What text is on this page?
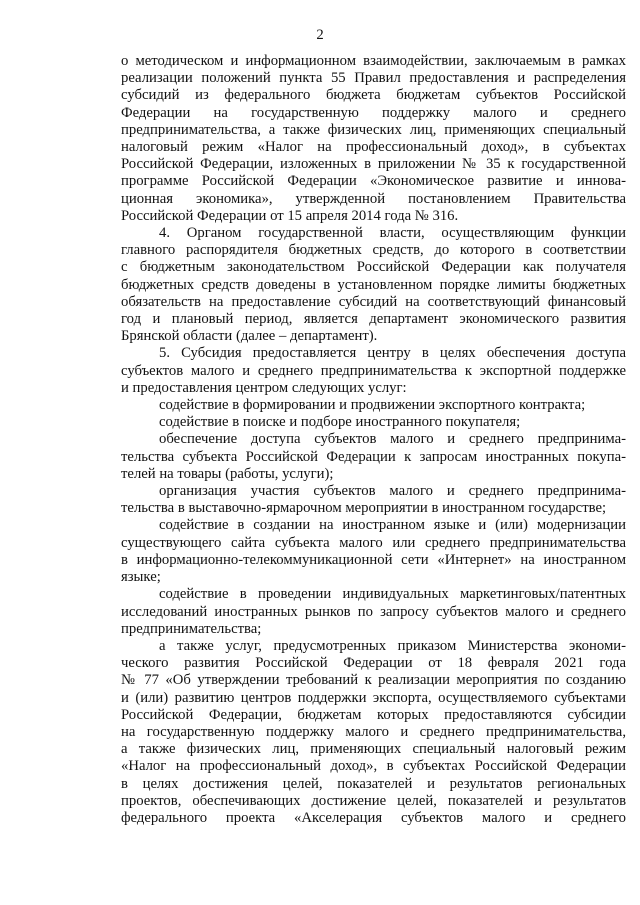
2

о методическом и информационном взаимодействии, заключаемым в рамках

реализации положений пункта 55 Правил предоставления и распределения

субсидий из федерального бюджета бюджетам субъектов Российской

Федерации на государственную поддержку малого и среднего

предпринимательства, а также физических лиц, применяющих специальный

налоговый режим «Налог на профессиональный доход», в субъектах

Российской Федерации, изложенных в приложении № 35 к государственной

программе Российской Федерации «Экономическое развитие и иннова-

ционная экономика», утвержденной постановлением Правительства

Российской Федерации от 15 апреля 2014 года № 316.

4. Органом государственной власти, осуществляющим функции

главного распорядителя бюджетных средств, до которого в соответствии

с бюджетным законодательством Российской Федерации как получателя

бюджетных средств доведены в установленном порядке лимиты бюджетных

обязательств на предоставление субсидий на соответствующий финансовый

год и плановый период, является департамент экономического развития

Брянской области (далее – департамент).

5. Субсидия предоставляется центру в целях обеспечения доступа

субъектов малого и среднего предпринимательства к экспортной поддержке

и предоставления центром следующих услуг:

содействие в формировании и продвижении экспортного контракта;

содействие в поиске и подборе иностранного покупателя;

обеспечение доступа субъектов малого и среднего предпринима-

тельства субъекта Российской Федерации к запросам иностранных покупа-

телей на товары (работы, услуги);

организация участия субъектов малого и среднего предпринима-

тельства в выставочно-ярмарочном мероприятии в иностранном государстве;

содействие в создании на иностранном языке и (или) модернизации

существующего сайта субъекта малого или среднего предпринимательства

в информационно-телекоммуникационной сети «Интернет» на иностранном

языке;

содействие в проведении индивидуальных маркетинговых/патентных

исследований иностранных рынков по запросу субъектов малого и среднего

предпринимательства;

а также услуг, предусмотренных приказом Министерства экономи-

ческого развития Российской Федерации от 18 февраля 2021 года

№ 77 «Об утверждении требований к реализации мероприятия по созданию

и (или) развитию центров поддержки экспорта, осуществляемого субъектами

Российской Федерации, бюджетам которых предоставляются субсидии

на государственную поддержку малого и среднего предпринимательства,

а также физических лиц, применяющих специальный налоговый режим

«Налог на профессиональный доход», в субъектах Российской Федерации

в целях достижения целей, показателей и результатов региональных

проектов, обеспечивающих достижение целей, показателей и результатов

федерального проекта «Акселерация субъектов малого и среднего
